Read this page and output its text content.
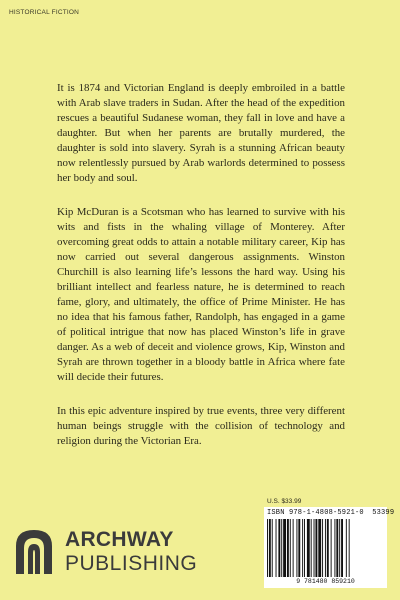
HISTORICAL FICTION

It is 1874 and Victorian England is deeply embroiled in a battle with Arab slave traders in Sudan. After the head of the expedition rescues a beautiful Sudanese woman, they fall in love and have a daughter. But when her parents are brutally murdered, the daughter is sold into slavery. Syrah is a stunning African beauty now relentlessly pursued by Arab warlords determined to possess her body and soul.

Kip McDuran is a Scotsman who has learned to survive with his wits and fists in the whaling village of Monterey. After overcoming great odds to attain a notable military career, Kip has now carried out several dangerous assignments. Winston Churchill is also learning life’s lessons the hard way. Using his brilliant intellect and fearless nature, he is determined to reach fame, glory, and ultimately, the office of Prime Minister. He has no idea that his famous father, Randolph, has engaged in a game of political intrigue that now has placed Winston’s life in grave danger. As a web of deceit and violence grows, Kip, Winston and Syrah are thrown together in a bloody battle in Africa where fate will decide their futures.

In this epic adventure inspired by true events, three very different human beings struggle with the collision of technology and religion during the Victorian Era.

U.S. $33.99
ISBN 978-1-4808-5921-0 53399
9 781480 859210
ARCHWAY
PUBLISHING
